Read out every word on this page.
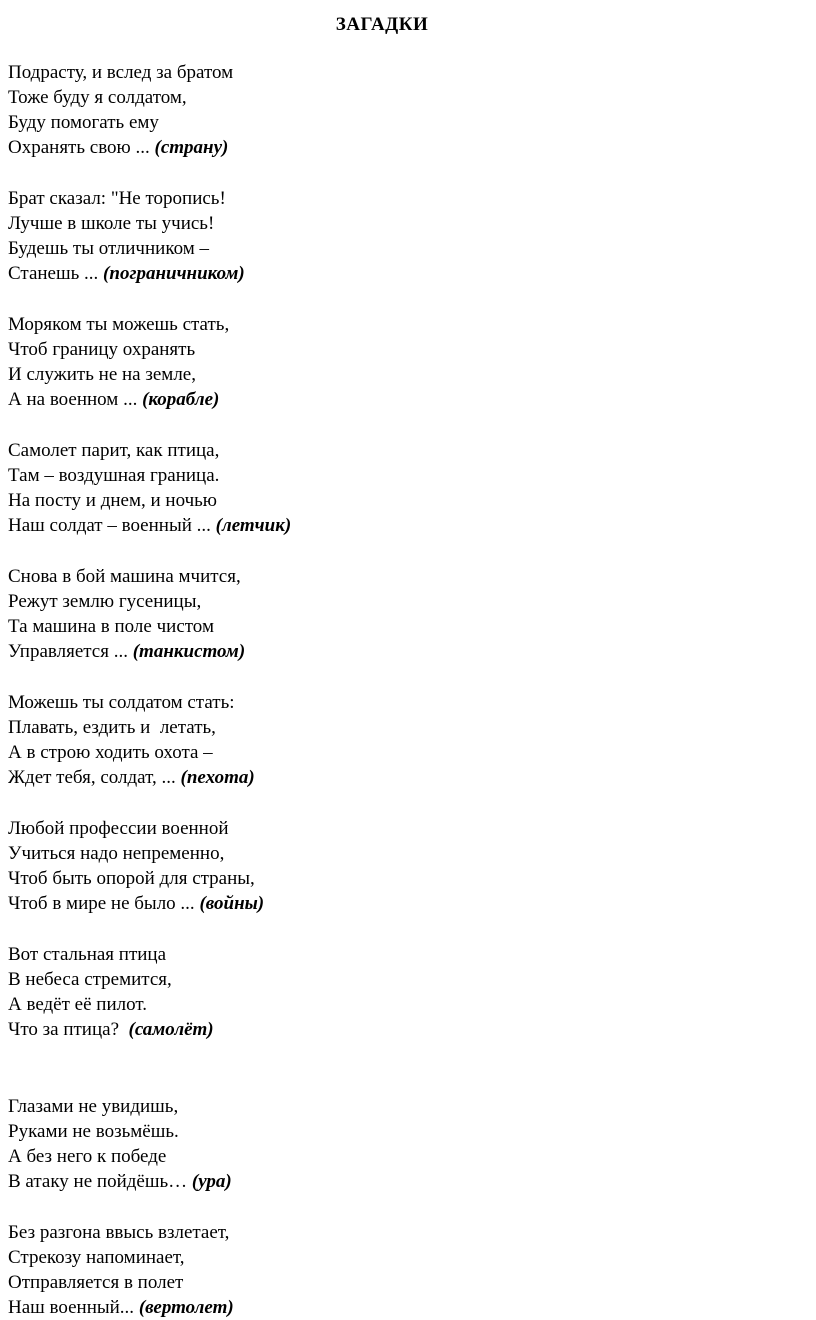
ЗАГАДКИ
Подрасту, и вслед за братом
Тоже буду я солдатом,
Буду помогать ему
Охранять свою ... (страну)
Брат сказал: "Не торопись!
Лучше в школе ты учись!
Будешь ты отличником –
Станешь ... (пограничником)
Моряком ты можешь стать,
Чтоб границу охранять
И служить не на земле,
А на военном ... (корабле)
Самолет парит, как птица,
Там – воздушная граница.
На посту и днем, и ночью
Наш солдат – военный ... (летчик)
Снова в бой машина мчится,
Режут землю гусеницы,
Та машина в поле чистом
Управляется ... (танкистом)
Можешь ты солдатом стать:
Плавать, ездить и  летать,
А в строю ходить охота –
Ждет тебя, солдат, ... (пехота)
Любой профессии военной
Учиться надо непременно,
Чтоб быть опорой для страны,
Чтоб в мире не было ... (войны)
Вот стальная птица
В небеса стремится,
А ведёт её пилот.
Что за птица?  (самолёт)
Глазами не увидишь,
Руками не возьмёшь.
А без него к победе
В атаку не пойдёшь… (ура)
Без разгона ввысь взлетает,
Стрекозу напоминает,
Отправляется в полет
Наш военный... (вертолет)
